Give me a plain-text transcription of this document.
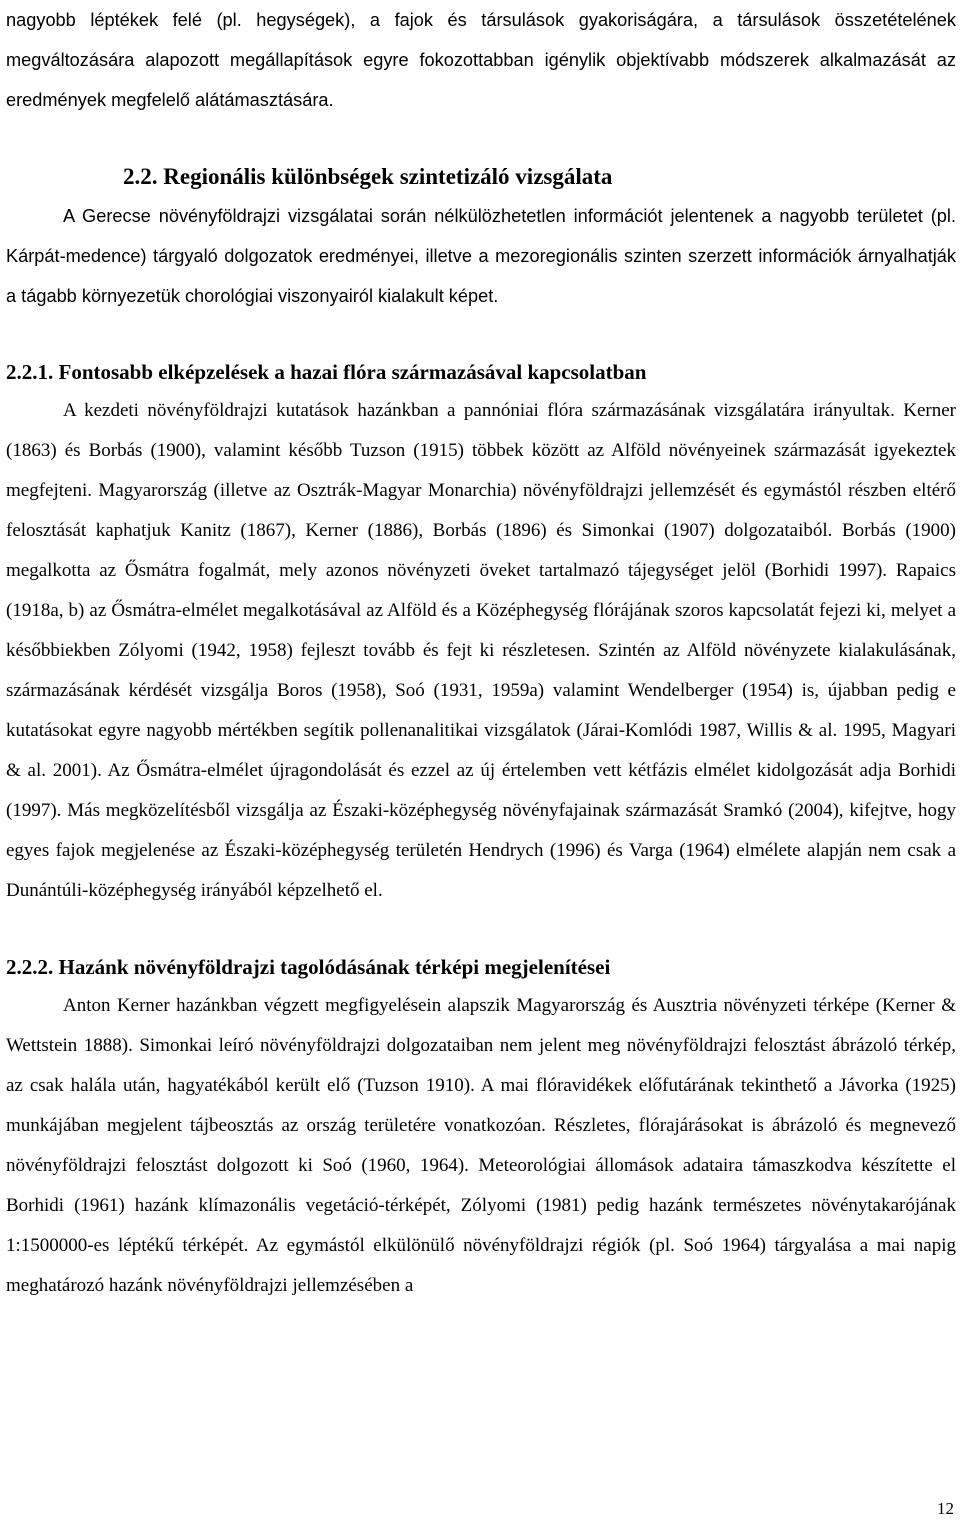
nagyobb léptékek felé (pl. hegységek), a fajok és társulások gyakoriságára, a társulások összetételének megváltozására alapozott megállapítások egyre fokozottabban igénylik objektívabb módszerek alkalmazását az eredmények megfelelő alátámasztására.

2.2. Regionális különbségek szintetizáló vizsgálata

A Gerecse növényföldrajzi vizsgálatai során nélkülözhetetlen információt jelentenek a nagyobb területet (pl. Kárpát-medence) tárgyaló dolgozatok eredményei, illetve a mezoregionális szinten szerzett információk árnyalhatják a tágabb környezetük chorológiai viszonyairól kialakult képet.

2.2.1. Fontosabb elképzelések a hazai flóra származásával kapcsolatban

A kezdeti növényföldrajzi kutatások hazánkban a pannóniai flóra származásának vizsgálatára irányultak. Kerner (1863) és Borbás (1900), valamint később Tuzson (1915) többek között az Alföld növényeinek származását igyekeztek megfejteni. Magyarország (illetve az Osztrák-Magyar Monarchia) növényföldrajzi jellemzését és egymástól részben eltérő felosztását kaphatjuk Kanitz (1867), Kerner (1886), Borbás (1896) és Simonkai (1907) dolgozataiból. Borbás (1900) megalkotta az Ősmátra fogalmát, mely azonos növényzeti öveket tartalmazó tájegységet jelöl (Borhidi 1997). Rapaics (1918a, b) az Ősmátra-elmélet megalkotásával az Alföld és a Középhegység flórájának szoros kapcsolatát fejezi ki, melyet a későbbiekben Zólyomi (1942, 1958) fejleszt tovább és fejt ki részletesen. Szintén az Alföld növényzete kialakulásának, származásának kérdését vizsgálja Boros (1958), Soó (1931, 1959a) valamint Wendelberger (1954) is, újabban pedig e kutatásokat egyre nagyobb mértékben segítik pollenanalitikai vizsgálatok (Járai-Komlódi 1987, Willis & al. 1995, Magyari & al. 2001). Az Ősmátra-elmélet újragondolását és ezzel az új értelemben vett kétfázis elmélet kidolgozását adja Borhidi (1997). Más megközelítésből vizsgálja az Északi-középhegység növényfajainak származását Sramkó (2004), kifejtve, hogy egyes fajok megjelenése az Északi-középhegység területén Hendrych (1996) és Varga (1964) elmélete alapján nem csak a Dunántúli-középhegység irányából képzelhető el.

2.2.2. Hazánk növényföldrajzi tagolódásának térképi megjelenítései

Anton Kerner hazánkban végzett megfigyelésein alapszik Magyarország és Ausztria növényzeti térképe (Kerner & Wettstein 1888). Simonkai leíró növényföldrajzi dolgozataiban nem jelent meg növényföldrajzi felosztást ábrázoló térkép, az csak halála után, hagyatékából került elő (Tuzson 1910). A mai flóravidékek előfutárának tekinthető a Jávorka (1925) munkájában megjelent tájbeosztás az ország területére vonatkozóan. Részletes, flórajárásokat is ábrázoló és megnevező növényföldrajzi felosztást dolgozott ki Soó (1960, 1964). Meteorológiai állomások adataira támaszkodva készítette el Borhidi (1961) hazánk klímazonális vegetáció-térképét, Zólyomi (1981) pedig hazánk természetes növénytakarójának 1:1500000-es léptékű térképét. Az egymástól elkülönülő növényföldrajzi régiók (pl. Soó 1964) tárgyalása a mai napig meghatározó hazánk növényföldrajzi jellemzésében a

12
